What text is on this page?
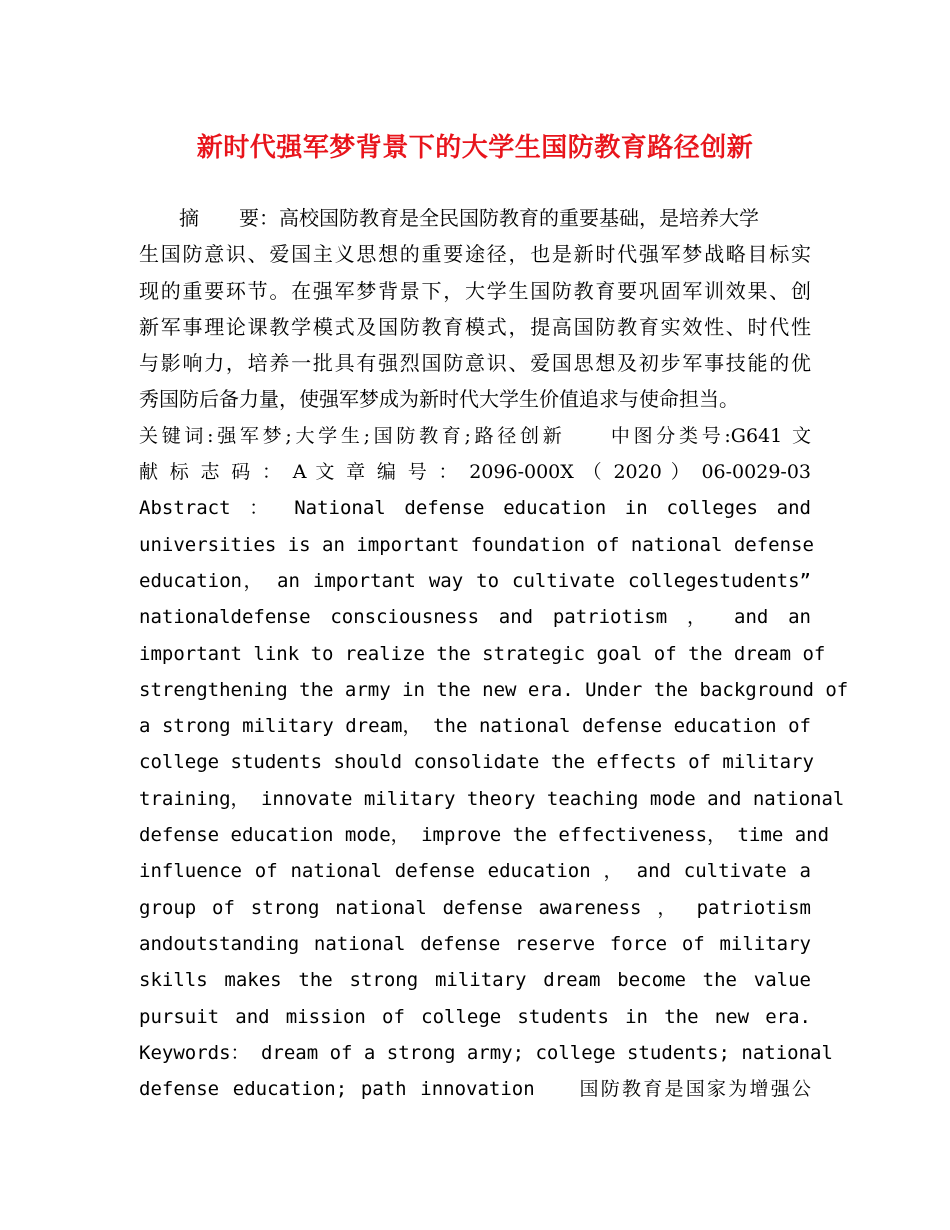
新时代强军梦背景下的大学生国防教育路径创新
　　摘　　要：高校国防教育是全民国防教育的重要基础，是培养大学
生国防意识、爱国主义思想的重要途径，也是新时代强军梦战略目标实
现的重要环节。在强军梦背景下，大学生国防教育要巩固军训效果、创
新军事理论课教学模式及国防教育模式，提高国防教育实效性、时代性
与影响力，培养一批具有强烈国防意识、爱国思想及初步军事技能的优
秀国防后备力量，使强军梦成为新时代大学生价值追求与使命担当。
关键词:强军梦;大学生;国防教育;路径创新　　中图分类号:G641 文
献 标 志 码 ： A 文 章 编 号 ： 2096-000X （ 2020 ） 06-0029-03
Abstract ： National defense education in colleges and
universities is an important foundation of national defense
education， an important way to cultivate collegestudents”
nationaldefense consciousness and patriotism ， and an
important link to realize the strategic goal of the dream of
strengthening the army in the new era. Under the background of
a strong military dream， the national defense education of
college students should consolidate the effects of military
training， innovate military theory teaching mode and national
defense education mode， improve the effectiveness， time and
influence of national defense education ， and cultivate a
group of strong national defense awareness ， patriotism
andoutstanding national defense reserve force of military
skills makes the strong military dream become the value
pursuit and mission of college students in the new era.
Keywords： dream of a strong army; college students; national
defense education; path innovation　　国防教育是国家为增强公
